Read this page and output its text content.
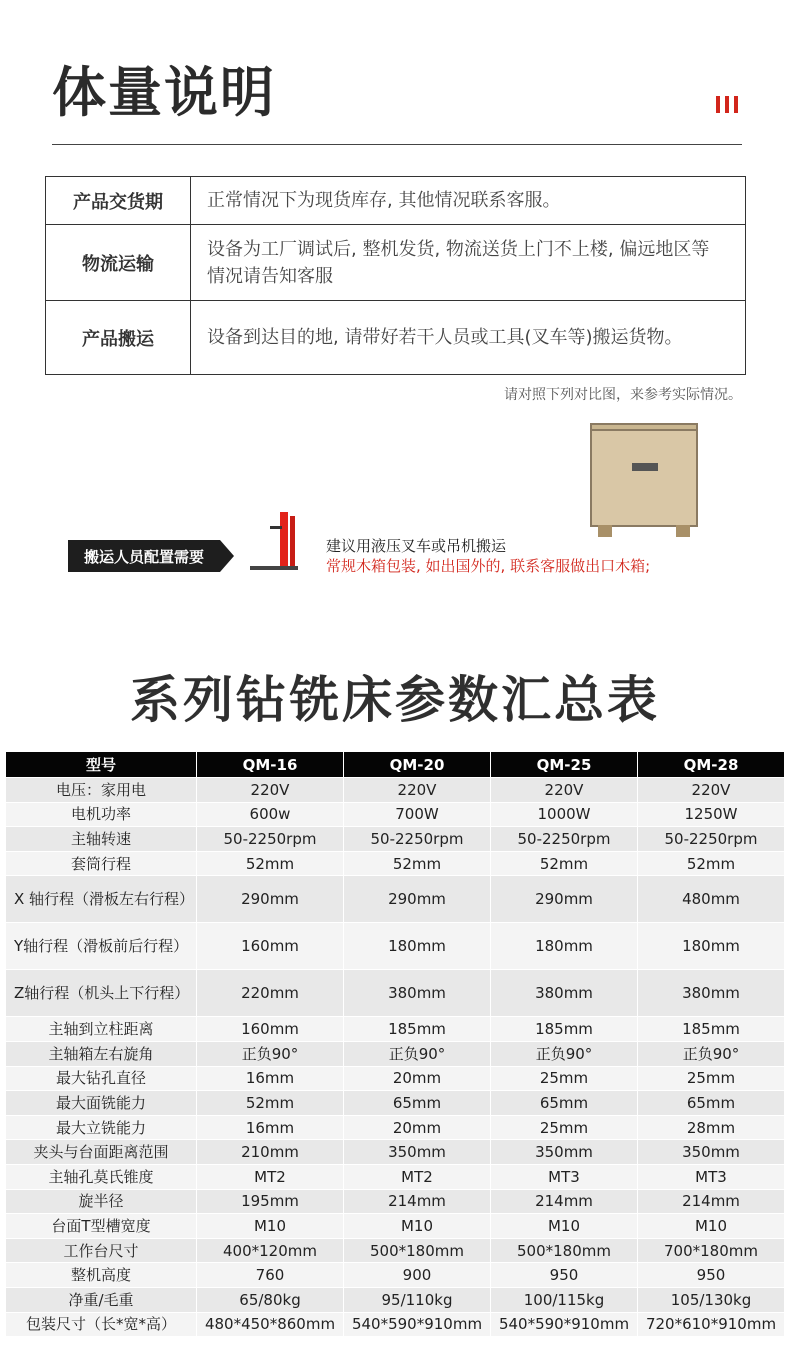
体量说明
产品交货期	正常情况下为现货库存, 其他情况联系客服。
物流运输	设备为工厂调试后, 整机发货, 物流送货上门不上楼, 偏远地区等情况请告知客服
产品搬运	设备到达目的地, 请带好若干人员或工具(叉车等)搬运货物。
请对照下列对比图，来参考实际情况。
搬运人员配置需要
建议用液压叉车或吊机搬运
常规木箱包装, 如出国外的, 联系客服做出口木箱;
系列钻铣床参数汇总表
型号	QM-16	QM-20	QM-25	QM-28
电压：家用电	220V	220V	220V	220V
电机功率	600w	700W	1000W	1250W
主轴转速	50-2250rpm	50-2250rpm	50-2250rpm	50-2250rpm
套筒行程	52mm	52mm	52mm	52mm
X 轴行程（滑板左右行程）	290mm	290mm	290mm	480mm
Y轴行程（滑板前后行程）	160mm	180mm	180mm	180mm
Z轴行程（机头上下行程）	220mm	380mm	380mm	380mm
主轴到立柱距离	160mm	185mm	185mm	185mm
主轴箱左右旋角	正负90°	正负90°	正负90°	正负90°
最大钻孔直径	16mm	20mm	25mm	25mm
最大面铣能力	52mm	65mm	65mm	65mm
最大立铣能力	16mm	20mm	25mm	28mm
夹头与台面距离范围	210mm	350mm	350mm	350mm
主轴孔莫氏锥度	MT2	MT2	MT3	MT3
旋半径	195mm	214mm	214mm	214mm
台面T型槽宽度	M10	M10	M10	M10
工作台尺寸	400*120mm	500*180mm	500*180mm	700*180mm
整机高度	760	900	950	950
净重/毛重	65/80kg	95/110kg	100/115kg	105/130kg
包装尺寸（长*宽*高）	480*450*860mm	540*590*910mm	540*590*910mm	720*610*910mm
